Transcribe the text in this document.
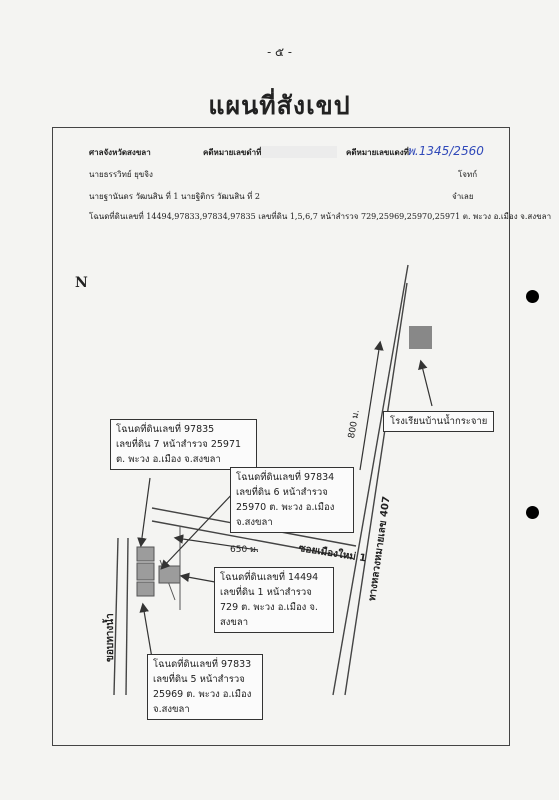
- ๕ -
แผนที่สังเขป
ศาลจังหวัดสงขลา	คดีหมายเลขดำที่	คดีหมายเลขแดงที่
พ.1345/2560
นายธรรวิทย์ ยุขจิง	โจทก์
นายฐานันดร วัฒนสิน ที่ 1 นายฐิติกร วัฒนสิน ที่ 2	จำเลย
โฉนดที่ดินเลขที่ 14494,97833,97834,97835 เลขที่ดิน 1,5,6,7 หน้าสำรวจ 729,25969,25970,25971 ต. พะวง อ.เมือง จ.สงขลา
N
โรงเรียนบ้านน้ำกระจาย
800 ม.
650 ม.	ซอยเมืองใหม่ 1 ทางหลวงหมายเลข 407
ขอบทางน้ำ
โฉนดที่ดินเลขที่ 97835
เลขที่ดิน 7 หน้าสำรวจ 25971
ต. พะวง อ.เมือง จ.สงขลา
โฉนดที่ดินเลขที่ 97834
เลขที่ดิน 6 หน้าสำรวจ
25970 ต. พะวง อ.เมือง
จ.สงขลา
โฉนดที่ดินเลขที่ 14494
เลขที่ดิน 1 หน้าสำรวจ
729 ต. พะวง อ.เมือง จ.
สงขลา
โฉนดที่ดินเลขที่ 97833
เลขที่ดิน 5 หน้าสำรวจ
25969 ต. พะวง อ.เมือง
จ.สงขลา
